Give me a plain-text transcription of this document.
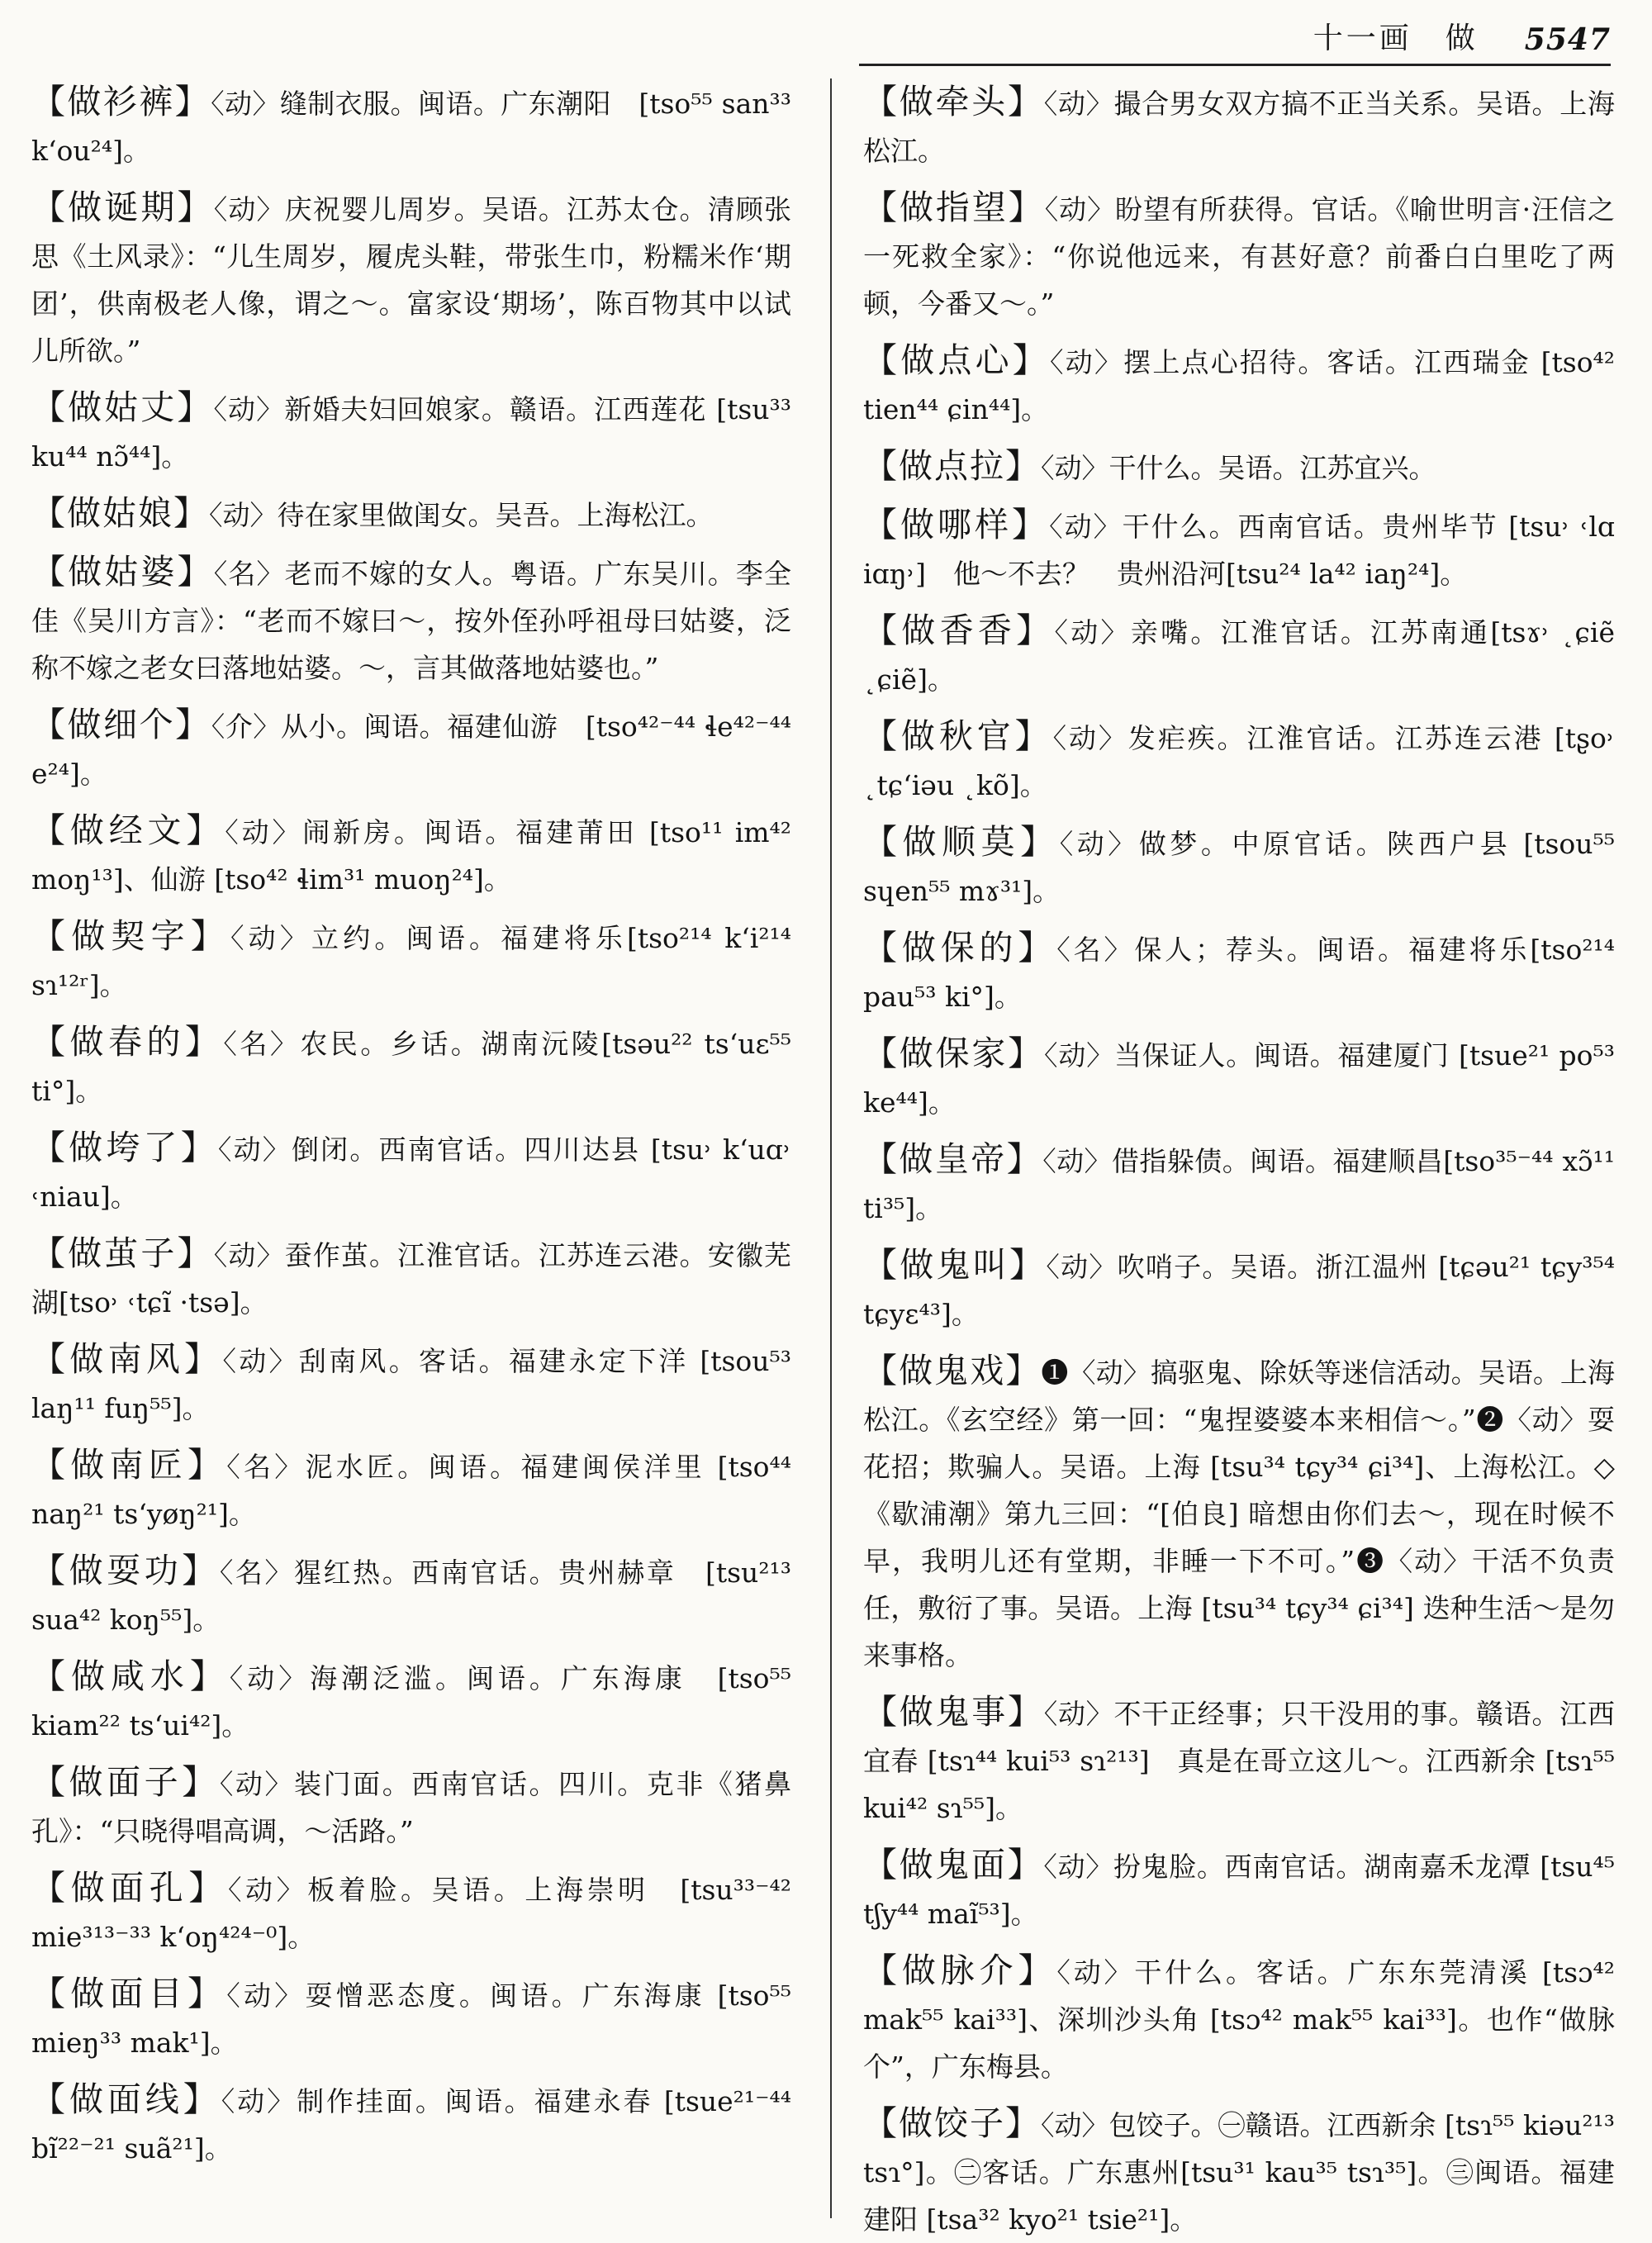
十一画 做 5547
【做衫裤】〈动〉缝制衣服。闽语。广东潮阳　[tso⁵⁵ san³³ k‘ou²⁴]。
【做诞期】〈动〉庆祝婴儿周岁。吴语。江苏太仓。清顾张思《土风录》：“儿生周岁，履虎头鞋，带张生巾，粉糯米作‘期团’，供南极老人像，谓之～。富家设‘期场’，陈百物其中以试儿所欲。”
【做姑丈】〈动〉新婚夫妇回娘家。赣语。江西莲花 [tsu³³ ku⁴⁴ nɔ̃⁴⁴]。
【做姑娘】〈动〉待在家里做闺女。吴吾。上海松江。
【做姑婆】〈名〉老而不嫁的女人。粤语。广东吴川。李全佳《吴川方言》：“老而不嫁曰～，按外侄孙呼祖母曰姑婆，泛称不嫁之老女曰落地姑婆。～，言其做落地姑婆也。”
【做细个】〈介〉从小。闽语。福建仙游　[tso⁴²⁻⁴⁴ ɬe⁴²⁻⁴⁴ e²⁴]。
【做经文】〈动〉闹新房。闽语。福建莆田 [tso¹¹ im⁴² moŋ¹³]、仙游 [tso⁴² ɬim³¹ muoŋ²⁴]。
【做契字】〈动〉立约。闽语。福建将乐[tso²¹⁴ k‘i²¹⁴ sɿ¹²ʳ]。
【做春的】〈名〉农民。乡话。湖南沅陵[tsəu²² ts‘uɛ⁵⁵ ti°]。
【做垮了】〈动〉倒闭。西南官话。四川达县 [tsu˒ k‘uɑ˒ ˓niau]。
【做茧子】〈动〉蚕作茧。江淮官话。江苏连云港。安徽芜湖[tso˒ ˓tɕĩ ·tsə]。
【做南风】〈动〉刮南风。客话。福建永定下洋 [tsou⁵³ laŋ¹¹ fuŋ⁵⁵]。
【做南匠】〈名〉泥水匠。闽语。福建闽侯洋里 [tso⁴⁴ naŋ²¹ ts‘yøŋ²¹]。
【做耍功】〈名〉猩红热。西南官话。贵州赫章　[tsu²¹³ sua⁴² koŋ⁵⁵]。
【做咸水】〈动〉海潮泛滥。闽语。广东海康　[tso⁵⁵ kiam²² ts‘ui⁴²]。
【做面子】〈动〉装门面。西南官话。四川。克非《猪鼻孔》：“只晓得唱高调，～活路。”
【做面孔】〈动〉板着脸。吴语。上海崇明　[tsu³³⁻⁴² mie³¹³⁻³³ k‘oŋ⁴²⁴⁻⁰]。
【做面目】〈动〉耍憎恶态度。闽语。广东海康 [tso⁵⁵ mieŋ³³ mak¹]。
【做面线】〈动〉制作挂面。闽语。福建永春 [tsue²¹⁻⁴⁴ bĩ²²⁻²¹ suã²¹]。
【做牵头】〈动〉撮合男女双方搞不正当关系。吴语。上海松江。
【做指望】〈动〉盼望有所获得。官话。《喻世明言·汪信之一死救全家》：“你说他远来，有甚好意？前番白白里吃了两顿，今番又～。”
【做点心】〈动〉摆上点心招待。客话。江西瑞金 [tso⁴² tien⁴⁴ ɕin⁴⁴]。
【做点拉】〈动〉干什么。吴语。江苏宜兴。
【做哪样】〈动〉干什么。西南官话。贵州毕节 [tsu˒ ˓lɑ iɑŋ˒]　他～不去？　贵州沿河[tsu²⁴ la⁴² iaŋ²⁴]。
【做香香】〈动〉亲嘴。江淮官话。江苏南通[tsɤ˒ ˛ɕiẽ ˛ɕiẽ]。
【做秋官】〈动〉发疟疾。江淮官话。江苏连云港 [tʂo˒ ˛tɕ‘iəu ˛kõ]。
【做顺莫】〈动〉做梦。中原官话。陕西户县 [tsou⁵⁵ sɥen⁵⁵ mɤ³¹]。
【做保的】〈名〉保人；荐头。闽语。福建将乐[tso²¹⁴ pau⁵³ ki°]。
【做保家】〈动〉当保证人。闽语。福建厦门 [tsue²¹ po⁵³ ke⁴⁴]。
【做皇帝】〈动〉借指躲债。闽语。福建顺昌[tso³⁵⁻⁴⁴ xɔ̃¹¹ ti³⁵]。
【做鬼叫】〈动〉吹哨子。吴语。浙江温州 [tɕəu²¹ tɕy³⁵⁴ tɕyɛ⁴³]。
【做鬼戏】❶〈动〉搞驱鬼、除妖等迷信活动。吴语。上海松江。《玄空经》第一回：“鬼捏婆婆本来相信～。”❷〈动〉耍花招；欺骗人。吴语。上海 [tsu³⁴ tɕy³⁴ ɕi³⁴]、上海松江。◇《歇浦潮》第九三回：“[伯良] 暗想由你们去～，现在时候不早，我明儿还有堂期，非睡一下不可。”❸〈动〉干活不负责任，敷衍了事。吴语。上海 [tsu³⁴ tɕy³⁴ ɕi³⁴] 迭种生活～是勿来事格。
【做鬼事】〈动〉不干正经事；只干没用的事。赣语。江西宜春 [tsɿ⁴⁴ kui⁵³ sɿ²¹³]　真是在哥立这儿～。江西新余 [tsɿ⁵⁵ kui⁴² sɿ⁵⁵]。
【做鬼面】〈动〉扮鬼脸。西南官话。湖南嘉禾龙潭 [tsu⁴⁵ tʃy⁴⁴ maĩ⁵³]。
【做脉介】〈动〉干什么。客话。广东东莞清溪 [tsɔ⁴² mak⁵⁵ kai³³]、深圳沙头角 [tsɔ⁴² mak⁵⁵ kai³³]。也作“做脉个”，广东梅县。
【做饺子】〈动〉包饺子。㊀赣语。江西新余 [tsɿ⁵⁵ kiəu²¹³ tsɿ°]。㊁客话。广东惠州[tsu³¹ kau³⁵ tsɿ³⁵]。㊂闽语。福建建阳 [tsa³² kyo²¹ tsie²¹]。
